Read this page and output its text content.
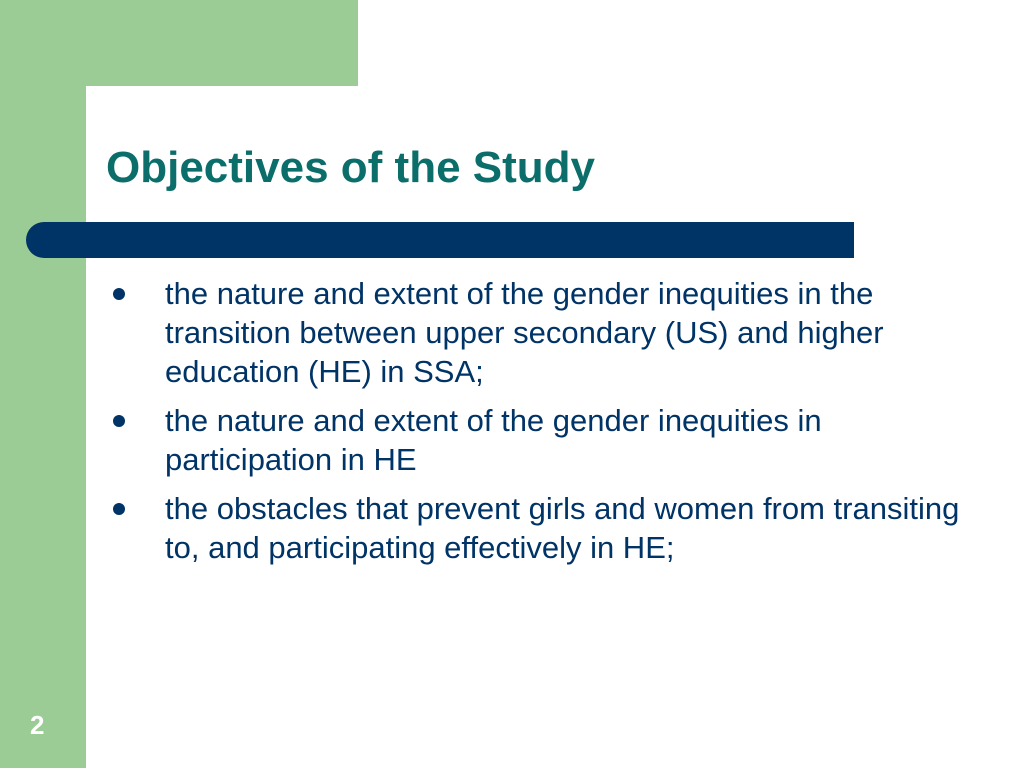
Objectives of the Study
the nature and extent of the gender inequities in the transition between upper secondary (US) and higher education (HE) in SSA;
the nature and extent of the gender inequities in participation in HE
the obstacles that prevent girls and women from transiting to, and participating effectively in HE;
2
